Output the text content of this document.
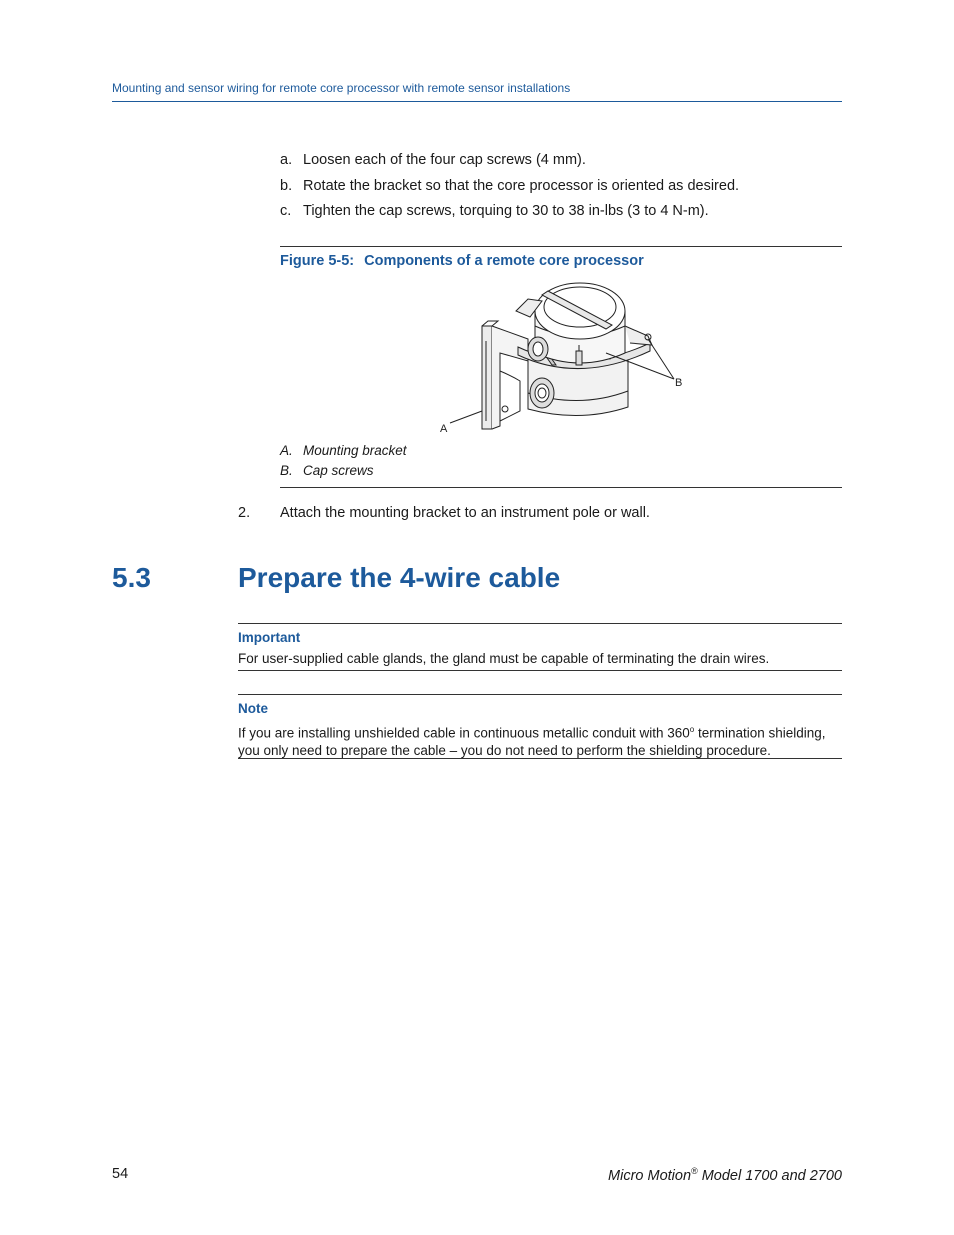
Mounting and sensor wiring for remote core processor with remote sensor installations
a. Loosen each of the four cap screws (4 mm).
b. Rotate the bracket so that the core processor is oriented as desired.
c. Tighten the cap screws, torquing to 30 to 38 in-lbs (3 to 4 N-m).
Figure 5-5: Components of a remote core processor
A
B
A. Mounting bracket
B. Cap screws
2. Attach the mounting bracket to an instrument pole or wall.
5.3	Prepare the 4-wire cable
Important
For user-supplied cable glands, the gland must be capable of terminating the drain wires.
Note
If you are installing unshielded cable in continuous metallic conduit with 360$^o$ termination shielding, you only need to prepare the cable – you do not need to perform the shielding procedure.
54	Micro Motion® Model 1700 and 2700
